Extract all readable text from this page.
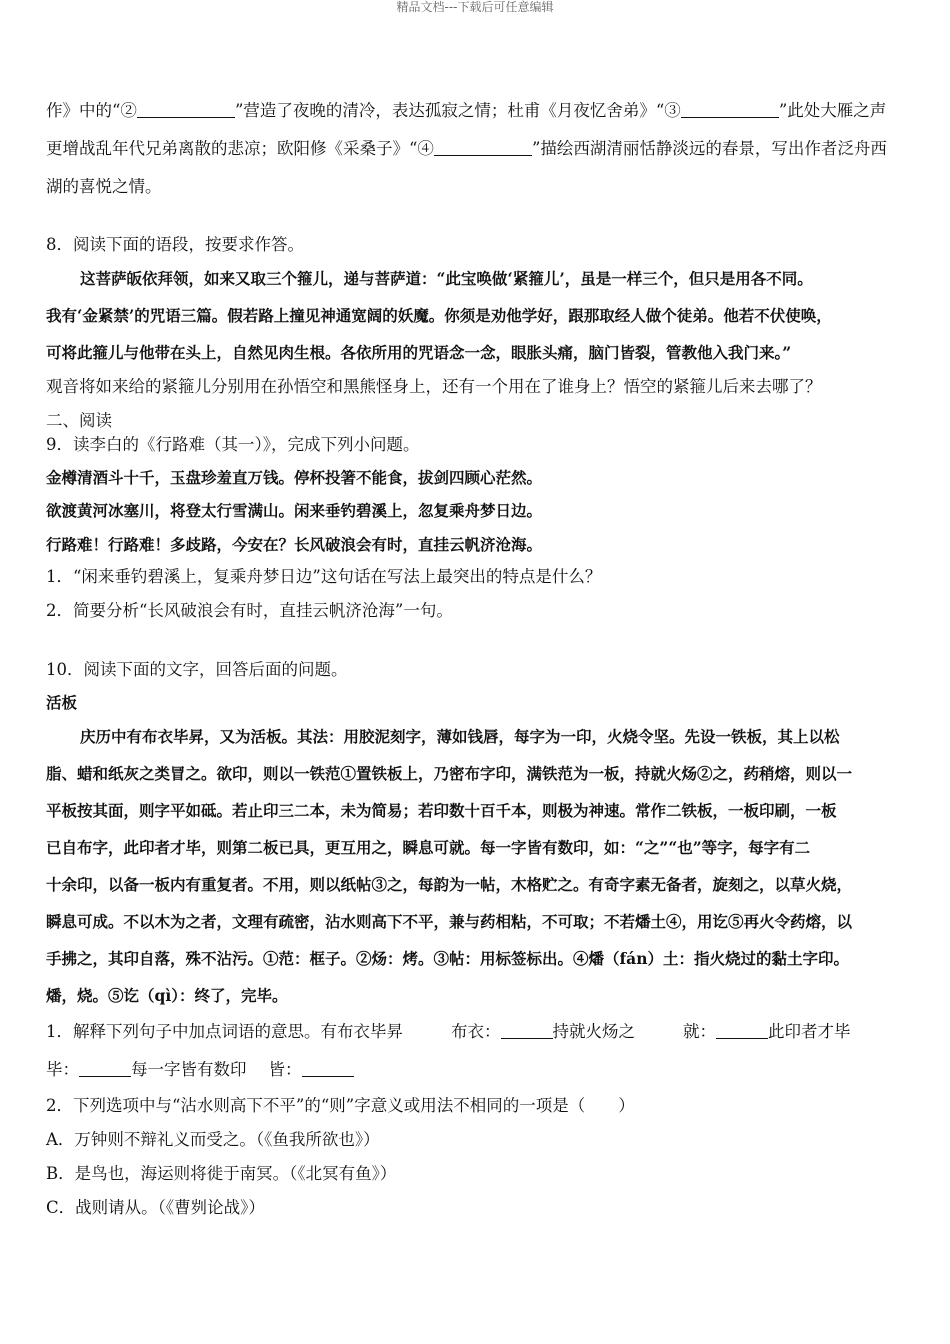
精品文档---下载后可任意编辑
作》中的“②	”营造了夜晚的清冷，表达孤寂之情；杜甫《月夜忆舍弟》“③	”此处大雁之声
更增战乱年代兄弟离散的悲凉；欧阳修《采桑子》“④	”描绘西湖清丽恬静淡远的春景，写出作者泛舟西
湖的喜悦之情。
8．阅读下面的语段，按要求作答。
这菩萨皈依拜领，如来又取三个箍儿，递与菩萨道：“此宝唤做‘紧箍儿’，虽是一样三个，但只是用各不同。
我有‘金紧禁’的咒语三篇。假若路上撞见神通宽阔的妖魔。你须是劝他学好，跟那取经人做个徒弟。他若不伏使唤，
可将此箍儿与他带在头上，自然见肉生根。各依所用的咒语念一念，眼胀头痛，脑门皆裂，管教他入我门来。”
观音将如来给的紧箍儿分别用在孙悟空和黑熊怪身上，还有一个用在了谁身上？悟空的紧箍儿后来去哪了？
二、阅读
9．读李白的《行路难（其一）》，完成下列小问题。
金樽清酒斗十千，玉盘珍羞直万钱。停杯投箸不能食，拔剑四顾心茫然。
欲渡黄河冰塞川，将登太行雪满山。闲来垂钓碧溪上，忽复乘舟梦日边。
行路难！行路难！多歧路，今安在？长风破浪会有时，直挂云帆济沧海。
1．“闲来垂钓碧溪上，复乘舟梦日边”这句话在写法上最突出的特点是什么？
2．简要分析“长风破浪会有时，直挂云帆济沧海”一句。
10．阅读下面的文字，回答后面的问题。
活板
庆历中有布衣毕昇，又为活板。其法：用胶泥刻字，薄如钱唇，每字为一印，火烧令坚。先设一铁板，其上以松
脂、蜡和纸灰之类冒之。欲印，则以一铁范①置铁板上，乃密布字印，满铁范为一板，持就火炀②之，药稍熔，则以一
平板按其面，则字平如砥。若止印三二本，未为简易；若印数十百千本，则极为神速。常作二铁板，一板印刷，一板
已自布字，此印者才毕，则第二板已具，更互用之，瞬息可就。每一字皆有数印，如：“之”“也”等字，每字有二
十余印，以备一板内有重复者。不用，则以纸帖③之，每韵为一帖，木格贮之。有奇字素无备者，旋刻之，以草火烧，
瞬息可成。不以木为之者，文理有疏密，沾水则高下不平，兼与药相粘，不可取；不若燔土④，用讫⑤再火令药熔，以
手拂之，其印自落，殊不沾污。①范：框子。②炀：烤。③帖：用标签标出。④燔（fán）土：指火烧过的黏土字印。
燔，烧。⑤讫（qì）：终了，完毕。
1．解释下列句子中加点词语的意思。有布衣毕昇	布衣：	持就火炀之	就：	此印者才毕
毕：	每一字皆有数印 皆：
2．下列选项中与“沾水则高下不平”的“则”字意义或用法不相同的一项是（　　）
A．万钟则不辩礼义而受之。（《鱼我所欲也》）
B．是鸟也，海运则将徙于南冥。（《北冥有鱼》）
C．战则请从。（《曹刿论战》）
